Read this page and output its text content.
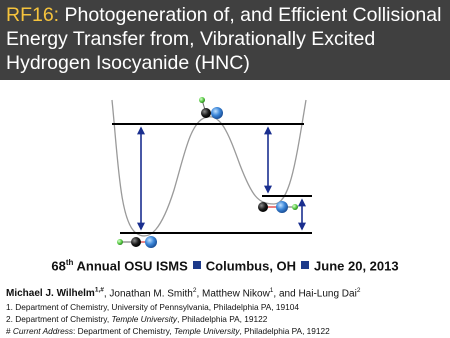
RF16: Photogeneration of, and Efficient Collisional Energy Transfer from, Vibrationally Excited Hydrogen Isocyanide (HNC)
68th Annual OSU ISMS Columbus, OH June 20, 2013
Michael J. Wilhelm$^{1,\#}$, Jonathan M. Smith$^2$, Matthew Nikow$^1$, and Hai-Lung Dai$^2$
1. Department of Chemistry, University of Pennsylvania, Philadelphia PA, 19104
2. Department of Chemistry, Temple University, Philadelphia PA, 19122
# Current Address: Department of Chemistry, Temple University, Philadelphia PA, 19122
